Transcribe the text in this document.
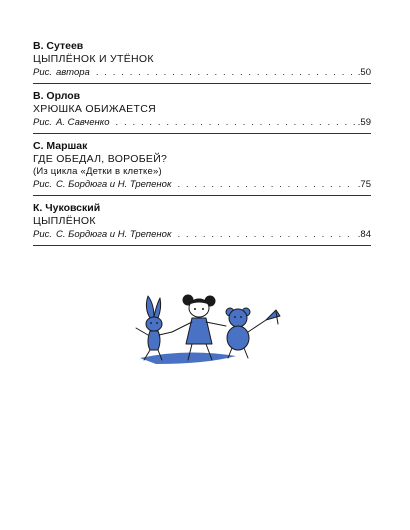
В. Сутеев
ЦЫПЛЁНОК И УТЁНОК
Рис. автора . . .	.50
В. Орлов
ХРЮШКА ОБИЖАЕТСЯ
Рис. А. Савченко . . .	.59
С. Маршак
ГДЕ ОБЕДАЛ, ВОРОБЕЙ?
(Из цикла «Детки в клетке»)
Рис. С. Бордюга и Н. Трепенок . . .	.75
К. Чуковский
ЦЫПЛЁНОК
Рис. С. Бордюга и Н. Трепенок . . .	.84
